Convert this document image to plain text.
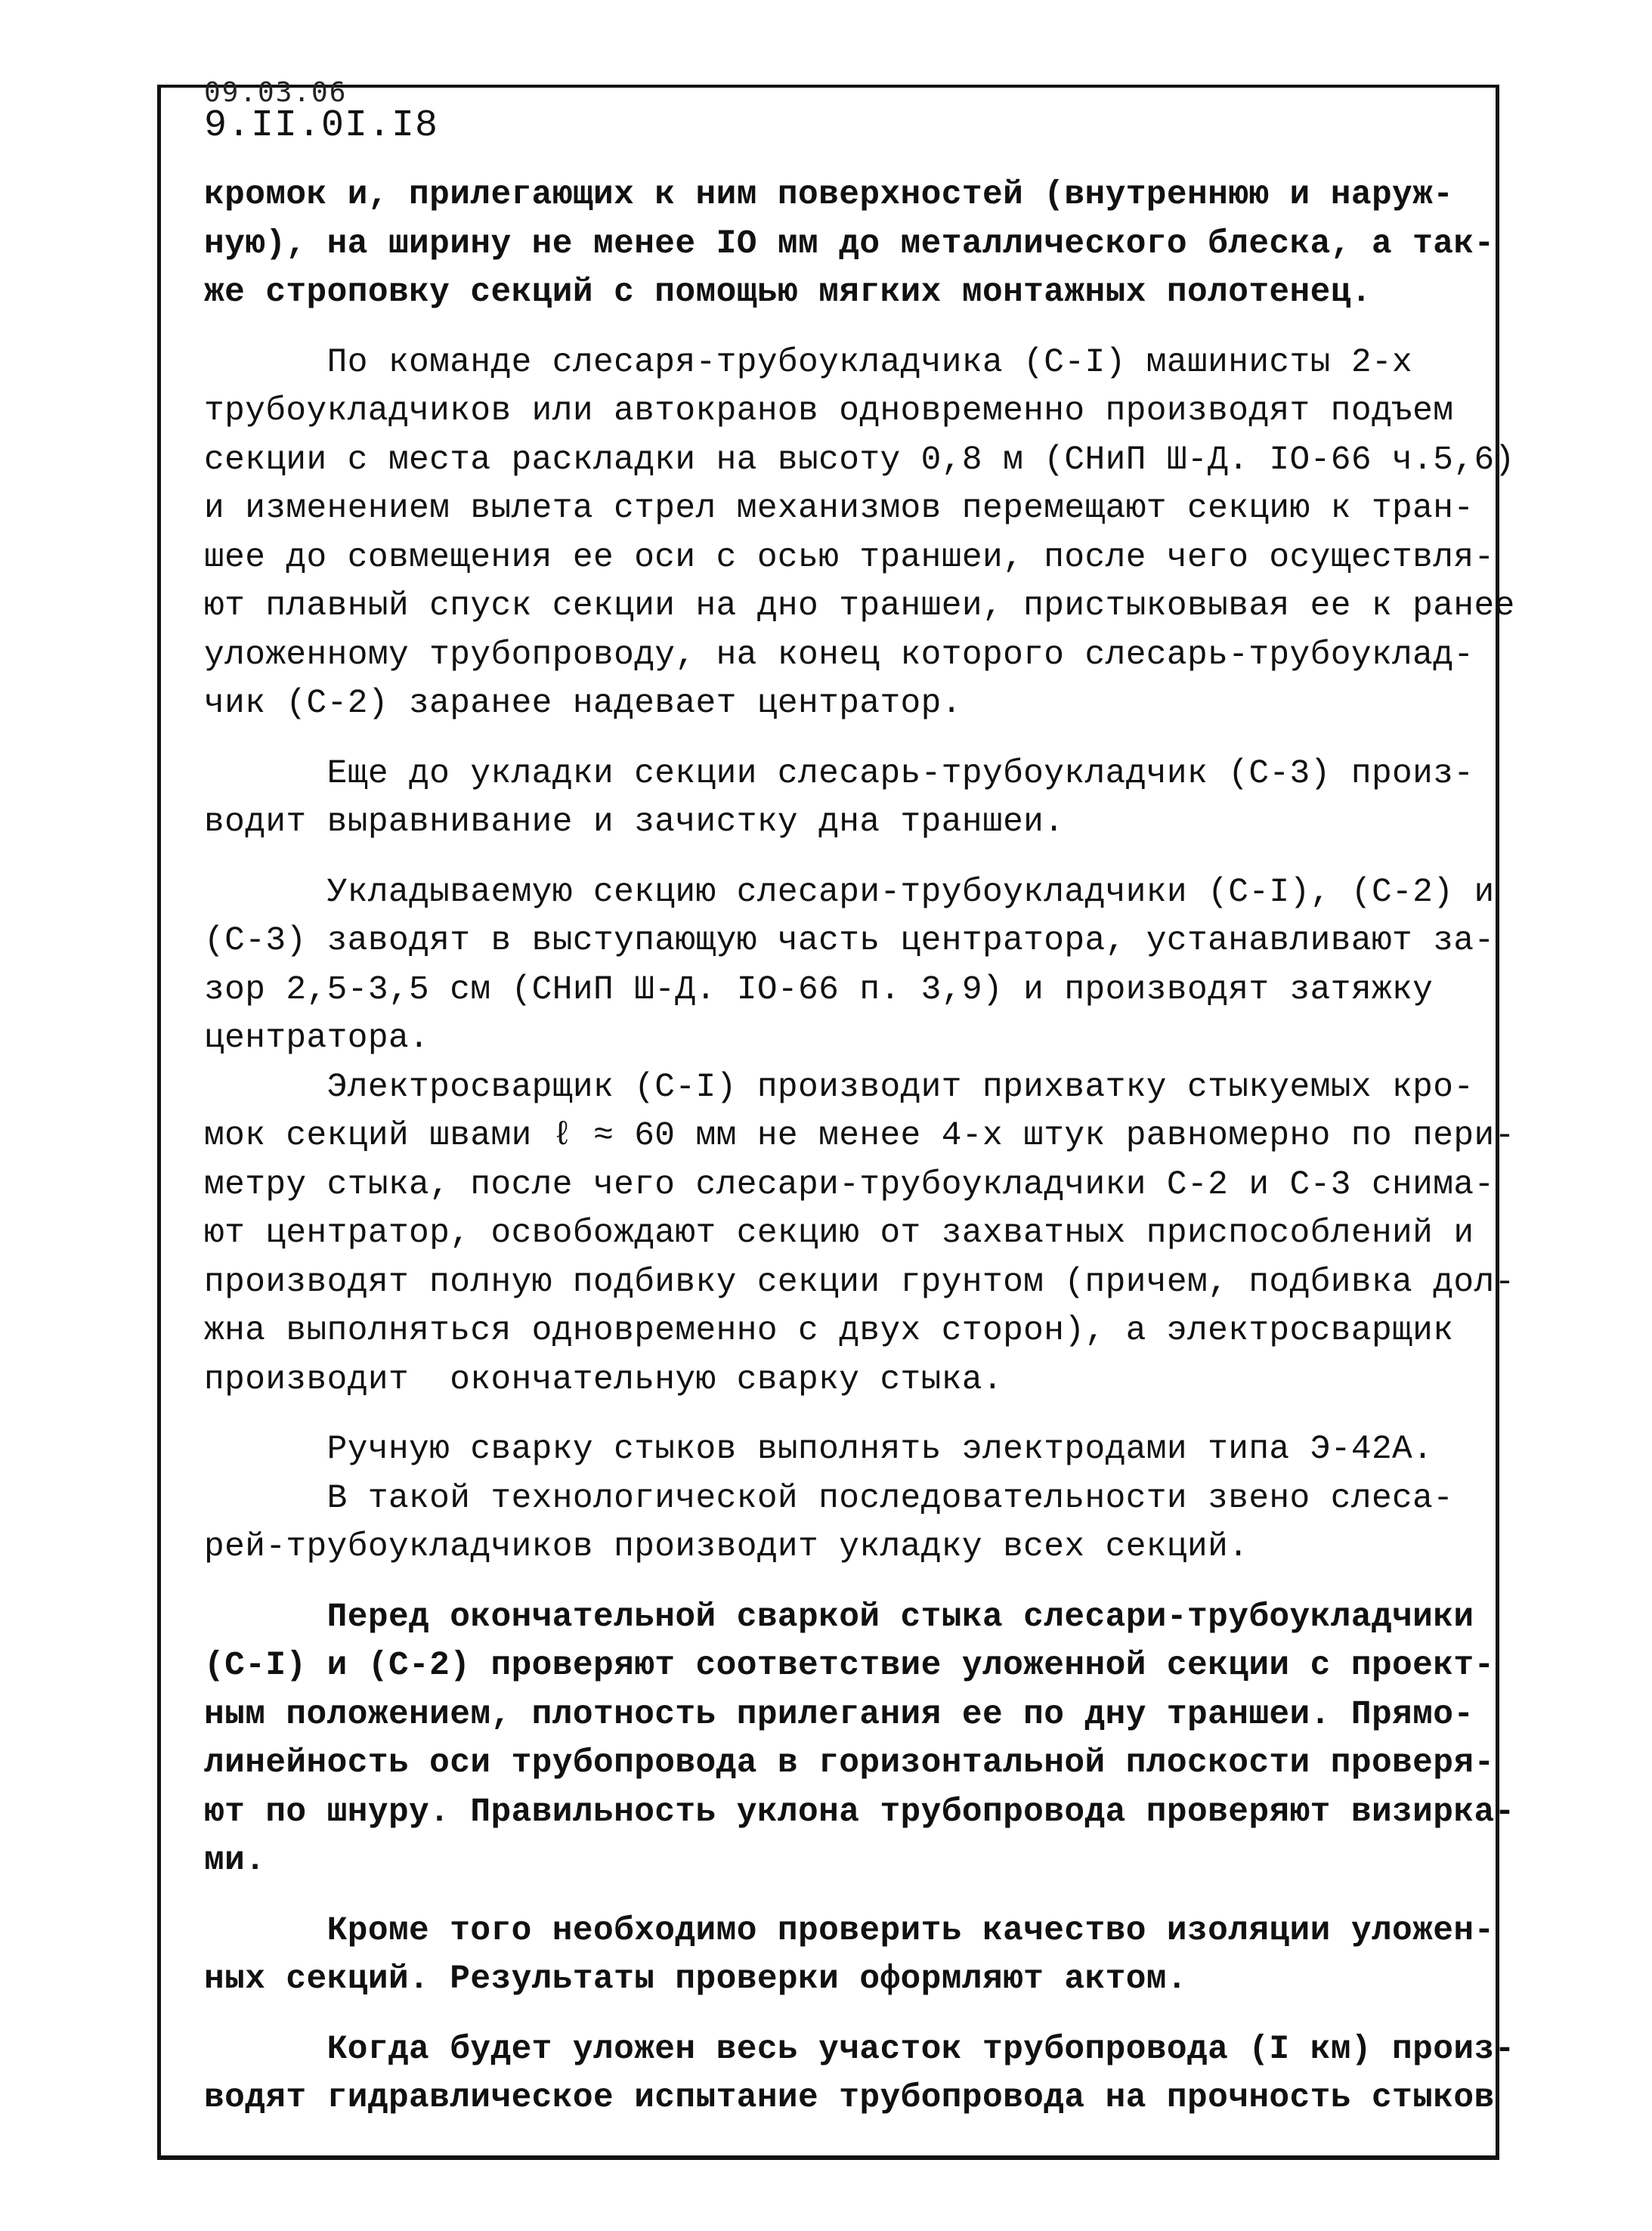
09.03.06
9.II.0I.I8
кромок и, прилегающих к ним поверхностей (внутреннюю и наруж-
ную), на ширину не менее IO мм до металлического блеска, а так-
же строповку секций с помощью мягких монтажных полотенец.
По команде слесаря-трубоукладчика (С-I) машинисты 2-х
трубоукладчиков или автокранов одновременно производят подъем
секции с места раскладки на высоту 0,8 м (СНиП Ш-Д. IO-66 ч.5,6)
и изменением вылета стрел механизмов перемещают секцию к тран-
шее до совмещения ее оси с осью траншеи, после чего осуществля-
ют плавный спуск секции на дно траншеи, пристыковывая ее к ранее
уложенному трубопроводу, на конец которого слесарь-трубоуклад-
чик (С-2) заранее надевает центратор.
Еще до укладки секции слесарь-трубоукладчик (С-3) произ-
водит выравнивание и зачистку дна траншеи.
Укладываемую секцию слесари-трубоукладчики (С-I), (С-2) и
(С-3) заводят в выступающую часть центратора, устанавливают за-
зор 2,5-3,5 см (СНиП Ш-Д. IO-66 п. 3,9) и производят затяжку
центратора.
Электросварщик (С-I) производит прихватку стыкуемых кро-
мок секций швами ℓ ≈ 60 мм не менее 4-х штук равномерно по пери-
метру стыка, после чего слесари-трубоукладчики С-2 и С-3 снима-
ют центратор, освобождают секцию от захватных приспособлений и
производят полную подбивку секции грунтом (причем, подбивка дол-
жна выполняться одновременно с двух сторон), а электросварщик
производит  окончательную сварку стыка.
Ручную сварку стыков выполнять электродами типа Э-42А.
В такой технологической последовательности звено слеса-
рей-трубоукладчиков производит укладку всех секций.
Перед окончательной сваркой стыка слесари-трубоукладчики
(С-I) и (С-2) проверяют соответствие уложенной секции с проект-
ным положением, плотность прилегания ее по дну траншеи. Прямо-
линейность оси трубопровода в горизонтальной плоскости проверя-
ют по шнуру. Правильность уклона трубопровода проверяют визирка-
ми.
Кроме того необходимо проверить качество изоляции уложен-
ных секций. Результаты проверки оформляют актом.
Когда будет уложен весь участок трубопровода (I км) произ-
водят гидравлическое испытание трубопровода на прочность стыков
